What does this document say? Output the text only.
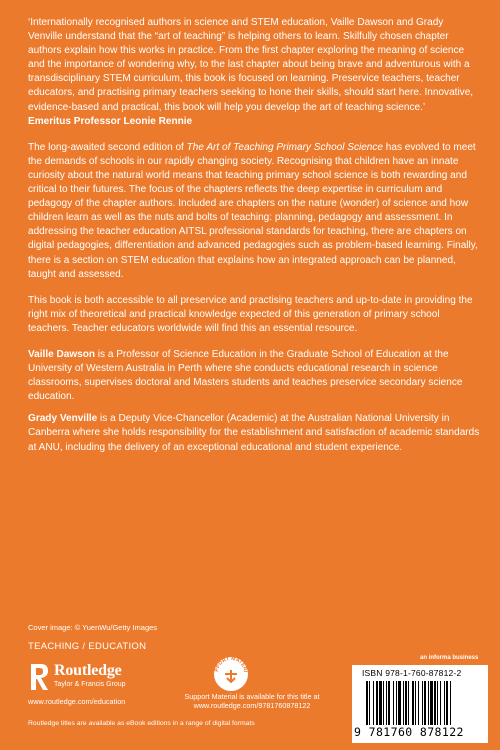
‘Internationally recognised authors in science and STEM education, Vaille Dawson and Grady Venville understand that the “art of teaching” is helping others to learn. Skilfully chosen chapter authors explain how this works in practice. From the first chapter exploring the meaning of science and the importance of wondering why, to the last chapter about being brave and adventurous with a transdisciplinary STEM curriculum, this book is focused on learning. Preservice teachers, teacher educators, and practising primary teachers seeking to hone their skills, should start here. Innovative, evidence-based and practical, this book will help you develop the art of teaching science.’

Emeritus Professor Leonie Rennie

The long-awaited second edition of The Art of Teaching Primary School Science has evolved to meet the demands of schools in our rapidly changing society. Recognising that children have an innate curiosity about the natural world means that teaching primary school science is both rewarding and critical to their futures. The focus of the chapters reflects the deep expertise in curriculum and pedagogy of the chapter authors. Included are chapters on the nature (wonder) of science and how children learn as well as the nuts and bolts of teaching: planning, pedagogy and assessment. In addressing the teacher education AITSL professional standards for teaching, there are chapters on digital pedagogies, differentiation and advanced pedagogies such as problem-based learning. Finally, there is a section on STEM education that explains how an integrated approach can be planned, taught and assessed.

This book is both accessible to all preservice and practising teachers and up-to-date in providing the right mix of theoretical and practical knowledge expected of this generation of primary school teachers. Teacher educators worldwide will find this an essential resource.

Vaille Dawson is a Professor of Science Education in the Graduate School of Education at the University of Western Australia in Perth where she conducts educational research in science classrooms, supervises doctoral and Masters students and teaches preservice secondary science education.

Grady Venville is a Deputy Vice-Chancellor (Academic) at the Australian National University in Canberra where she holds responsibility for the establishment and satisfaction of academic standards at ANU, including the delivery of an exceptional educational and student experience.

Cover image: © YuenWu/Getty Images
TEACHING / EDUCATION
Routledge
Taylor & Francis Group
www.routledge.com/education
Routledge titles are available as eBook editions in a range of digital formats
PPORT MATERI
Support Material is available for this title at
www.routledge.com/9781760878122
an informa business
ISBN 978-1-760-87812-2
9 781760 878122
